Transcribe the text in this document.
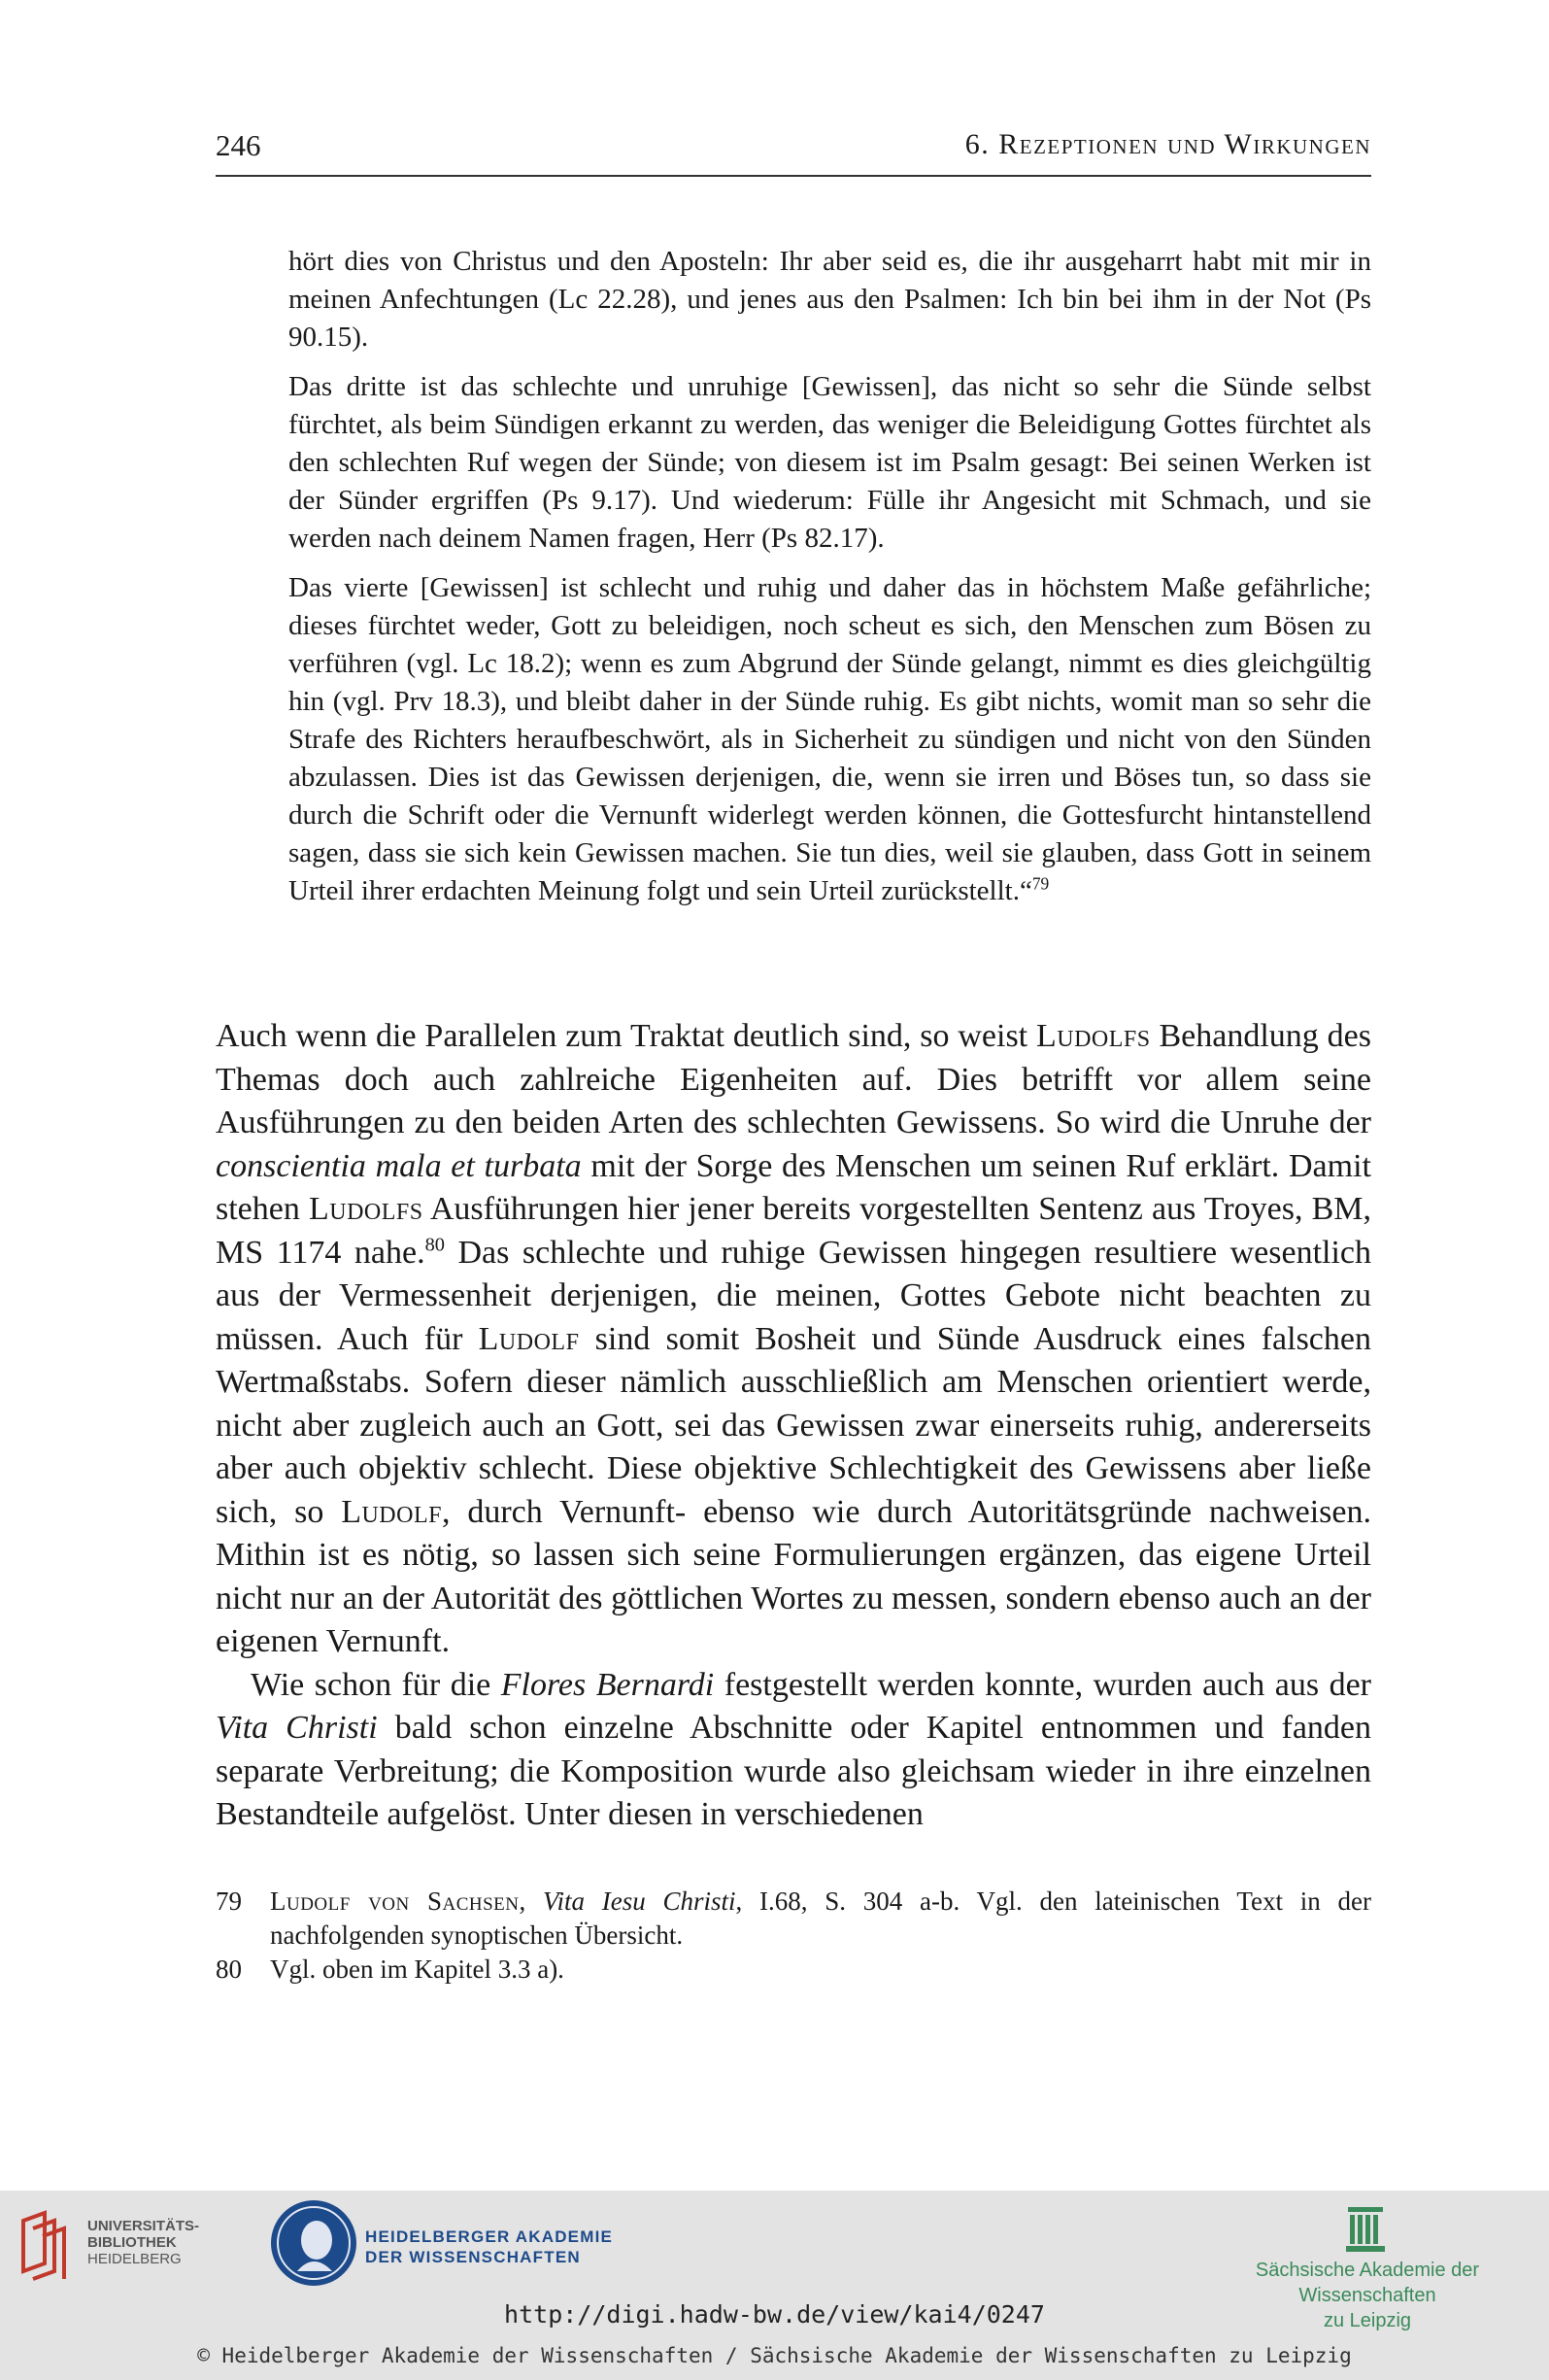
246	6. Rezeptionen und Wirkungen

hört dies von Christus und den Aposteln: Ihr aber seid es, die ihr ausgeharrt habt mit mir in meinen Anfechtungen (Lc 22.28), und jenes aus den Psalmen: Ich bin bei ihm in der Not (Ps 90.15).

Das dritte ist das schlechte und unruhige [Gewissen], das nicht so sehr die Sünde selbst fürchtet, als beim Sündigen erkannt zu werden, das weniger die Beleidigung Gottes fürchtet als den schlechten Ruf wegen der Sünde; von diesem ist im Psalm gesagt: Bei seinen Werken ist der Sünder ergriffen (Ps 9.17). Und wiederum: Fülle ihr Angesicht mit Schmach, und sie werden nach deinem Namen fragen, Herr (Ps 82.17).

Das vierte [Gewissen] ist schlecht und ruhig und daher das in höchstem Maße gefährliche; dieses fürchtet weder, Gott zu beleidigen, noch scheut es sich, den Menschen zum Bösen zu verführen (vgl. Lc 18.2); wenn es zum Abgrund der Sünde gelangt, nimmt es dies gleichgültig hin (vgl. Prv 18.3), und bleibt daher in der Sünde ruhig. Es gibt nichts, womit man so sehr die Strafe des Richters heraufbeschwört, als in Sicherheit zu sündigen und nicht von den Sünden abzulassen. Dies ist das Gewissen derjenigen, die, wenn sie irren und Böses tun, so dass sie durch die Schrift oder die Vernunft widerlegt werden können, die Gottesfurcht hintanstellend sagen, dass sie sich kein Gewissen machen. Sie tun dies, weil sie glauben, dass Gott in seinem Urteil ihrer erdachten Meinung folgt und sein Urteil zurückstellt.“$^{79}$

Auch wenn die Parallelen zum Traktat deutlich sind, so weist Ludolfs Behandlung des Themas doch auch zahlreiche Eigenheiten auf. Dies betrifft vor allem seine Ausführungen zu den beiden Arten des schlechten Gewissens. So wird die Unruhe der conscientia mala et turbata mit der Sorge des Menschen um seinen Ruf erklärt. Damit stehen Ludolfs Ausführungen hier jener bereits vorgestellten Sentenz aus Troyes, BM, MS 1174 nahe.$^{80}$ Das schlechte und ruhige Gewissen hingegen resultiere wesentlich aus der Vermessenheit derjenigen, die meinen, Gottes Gebote nicht beachten zu müssen. Auch für Ludolf sind somit Bosheit und Sünde Ausdruck eines falschen Wertmaßstabs. Sofern dieser nämlich ausschließlich am Menschen orientiert werde, nicht aber zugleich auch an Gott, sei das Gewissen zwar einerseits ruhig, andererseits aber auch objektiv schlecht. Diese objektive Schlechtigkeit des Gewissens aber ließe sich, so Ludolf, durch Vernunft- ebenso wie durch Autoritätsgründe nachweisen. Mithin ist es nötig, so lassen sich seine Formulierungen ergänzen, das eigene Urteil nicht nur an der Autorität des göttlichen Wortes zu messen, sondern ebenso auch an der eigenen Vernunft.

Wie schon für die Flores Bernardi festgestellt werden konnte, wurden auch aus der Vita Christi bald schon einzelne Abschnitte oder Kapitel entnommen und fanden separate Verbreitung; die Komposition wurde also gleichsam wieder in ihre einzelnen Bestandteile aufgelöst. Unter diesen in verschiedenen

79	Ludolf von Sachsen, Vita Iesu Christi, I.68, S. 304 a-b. Vgl. den lateinischen Text in der nachfolgenden synoptischen Übersicht.
80	Vgl. oben im Kapitel 3.3 a).
UNIVERSITÄTS-
BIBLIOTHEK
HEIDELBERG
HEIDELBERGER AKADEMIE
DER WISSENSCHAFTEN
Sächsische Akademie der Wissenschaften
zu Leipzig
http://digi.hadw-bw.de/view/kai4/0247
© Heidelberger Akademie der Wissenschaften / Sächsische Akademie der Wissenschaften zu Leipzig
